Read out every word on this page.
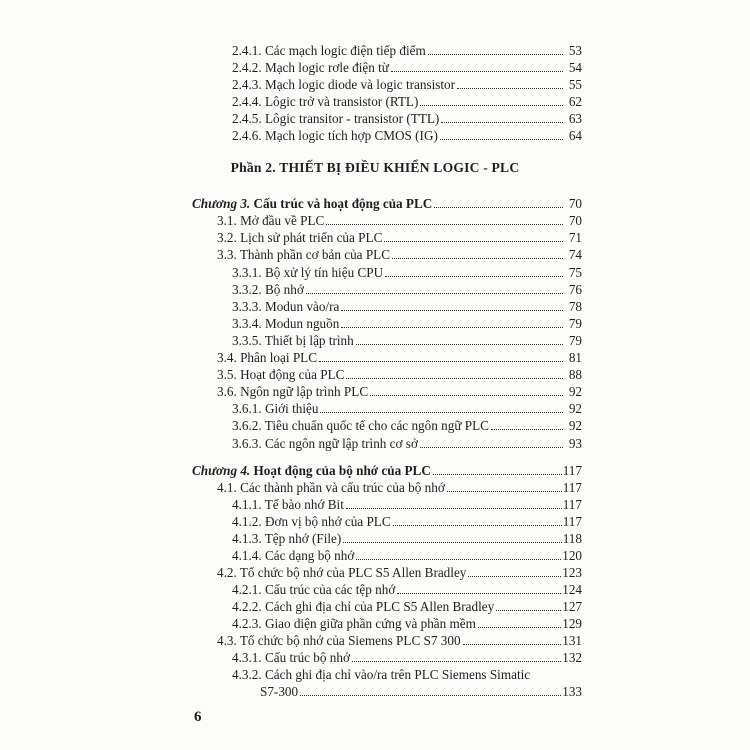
2.4.1. Các mạch logic điện tiếp điểm	53
2.4.2. Mạch logic rơle điện từ	54
2.4.3. Mạch logic diode và logic transistor	55
2.4.4. Lôgic trở và transistor (RTL)	62
2.4.5. Lôgic transitor - transistor (TTL)	63
2.4.6. Mạch logic tích hợp CMOS (IG)	64
Phần 2. THIẾT BỊ ĐIỀU KHIỂN LOGIC - PLC
Chương 3. Cấu trúc và hoạt động của PLC	70
3.1. Mở đầu về PLC	70
3.2. Lịch sử phát triển của PLC	71
3.3. Thành phần cơ bản của PLC	74
3.3.1. Bộ xử lý tín hiệu CPU	75
3.3.2. Bộ nhớ	76
3.3.3. Modun vào/ra	78
3.3.4. Modun nguồn	79
3.3.5. Thiết bị lập trình	79
3.4. Phân loại PLC	81
3.5. Hoạt động của PLC	88
3.6. Ngôn ngữ lập trình PLC	92
3.6.1. Giới thiệu	92
3.6.2. Tiêu chuẩn quốc tế cho các ngôn ngữ PLC	92
3.6.3. Các ngôn ngữ lập trình cơ sở	93
Chương 4. Hoạt động của bộ nhớ của PLC	117
4.1. Các thành phần và cấu trúc của bộ nhớ	117
4.1.1. Tế bào nhớ Bit	117
4.1.2. Đơn vị bộ nhớ của PLC	117
4.1.3. Tệp nhớ (File)	118
4.1.4. Các dạng bộ nhớ	120
4.2. Tổ chức bộ nhớ của PLC S5 Allen Bradley	123
4.2.1. Cấu trúc của các tệp nhớ	124
4.2.2. Cách ghi địa chỉ của PLC S5 Allen Bradley	127
4.2.3. Giao diện giữa phần cứng và phần mềm	129
4.3. Tổ chức bộ nhớ của Siemens PLC S7 300	131
4.3.1. Cấu trúc bộ nhớ	132
4.3.2. Cách ghi địa chỉ vào/ra trên PLC Siemens Simatic
S7-300	133
6
